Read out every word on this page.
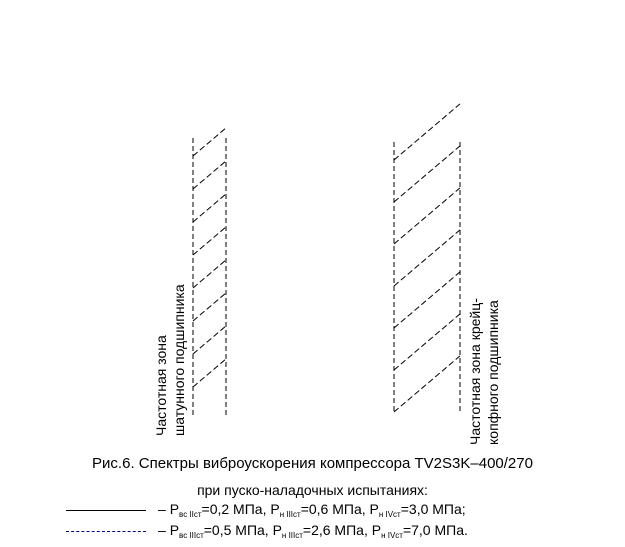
Частотная зона шатунного подшипника	Частотная зона крейц- копфного подшипника
Рис.6. Спектры виброускорения компрессора TV2S3K–400/270
при пуско-наладочных испытаниях:
– $P_{вс IIст}=0,2$ МПа, $P_{н IIIст}=0,6$ МПа, $P_{н IVст}=3,0$ МПа;
– $P_{вс IIIст}=0,5$ МПа, $P_{н IIIст}=2,6$ МПа, $P_{н IVст}=7,0$ МПа.
